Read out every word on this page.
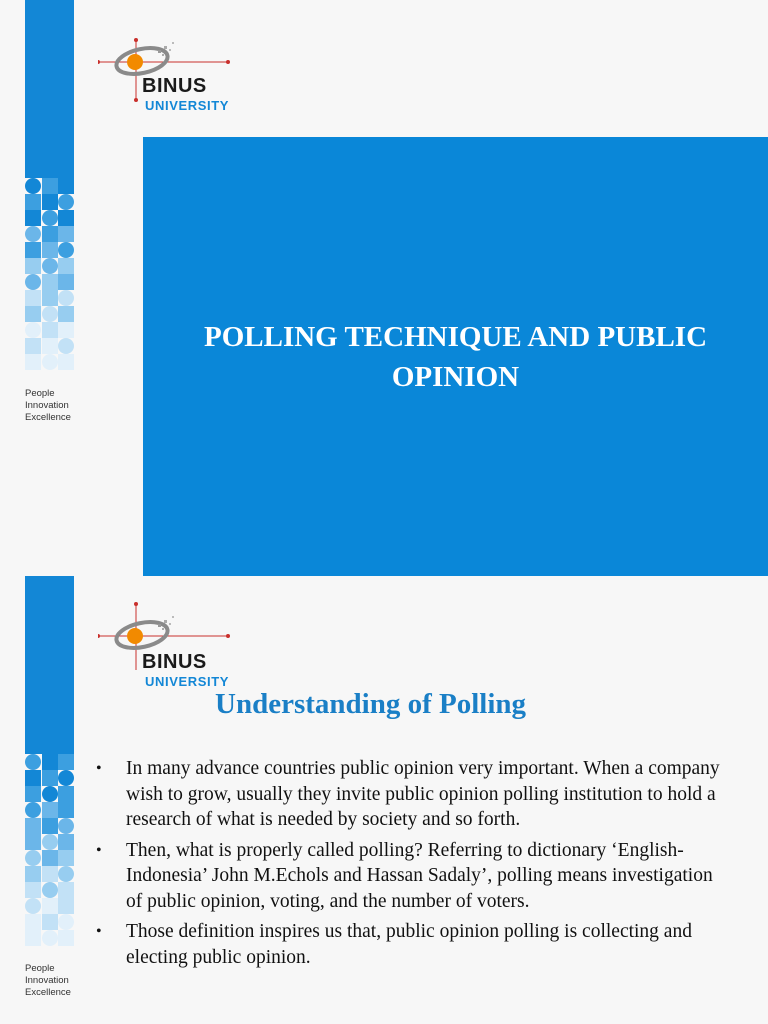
BINUS
UNIVERSITY
People
Innovation
Excellence
POLLING TECHNIQUE AND PUBLIC OPINION
BINUS
UNIVERSITY
People
Innovation
Excellence
Understanding of Polling
• In many advance countries public opinion very important. When a company wish to grow, usually they invite public opinion polling institution to hold a research of what is needed by society and so forth.
• Then, what is properly called polling? Referring to dictionary ‘English-Indonesia’ John M.Echols and Hassan Sadaly’, polling means investigation of public opinion, voting, and the number of voters.
• Those definition inspires us that, public opinion polling is collecting and electing public opinion.
